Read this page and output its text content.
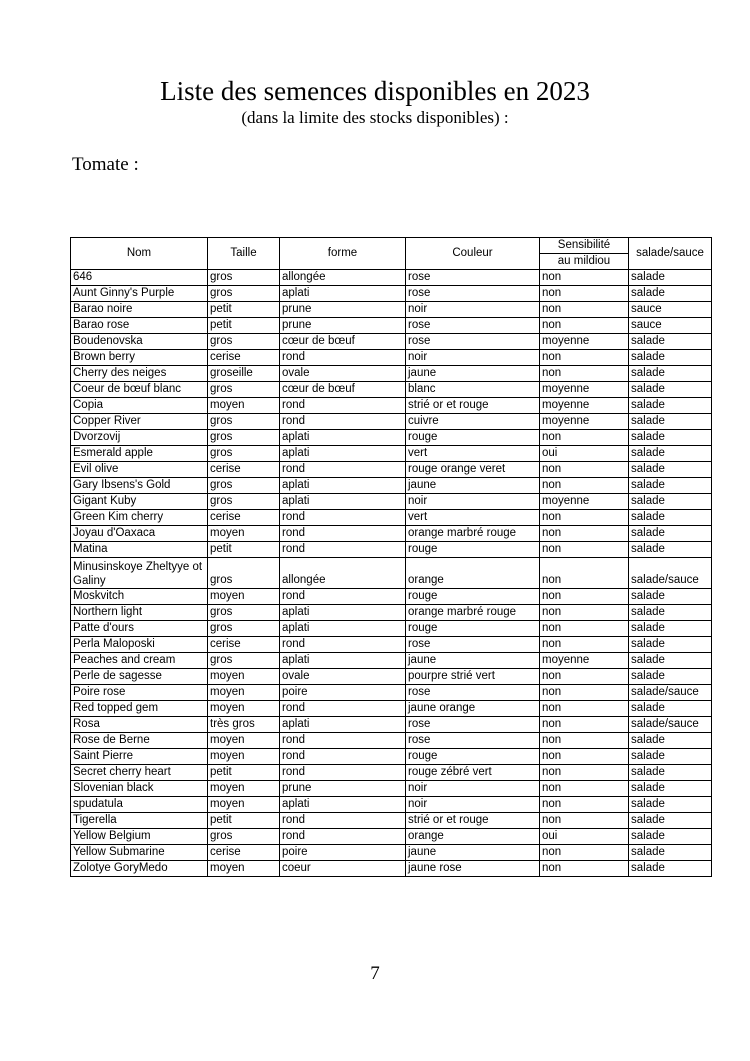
Liste des semences disponibles en 2023
(dans la limite des stocks disponibles) :
Tomate :
Nom	Taille	forme	Couleur	Sensibilité	salade/sauce
				au mildiou	
646	gros	allongée	rose	non	salade
Aunt Ginny's Purple	gros	aplati	rose	non	salade
Barao noire	petit	prune	noir	non	sauce
Barao rose	petit	prune	rose	non	sauce
Boudenovska	gros	cœur de bœuf	rose	moyenne	salade
Brown berry	cerise	rond	noir	non	salade
Cherry des neiges	groseille	ovale	jaune	non	salade
Coeur de bœuf blanc	gros	cœur de bœuf	blanc	moyenne	salade
Copia	moyen	rond	strié or et rouge	moyenne	salade
Copper River	gros	rond	cuivre	moyenne	salade
Dvorzovij	gros	aplati	rouge	non	salade
Esmerald apple	gros	aplati	vert	oui	salade
Evil olive	cerise	rond	rouge orange veret	non	salade
Gary Ibsens's Gold	gros	aplati	jaune	non	salade
Gigant Kuby	gros	aplati	noir	moyenne	salade
Green Kim cherry	cerise	rond	vert	non	salade
Joyau d'Oaxaca	moyen	rond	orange marbré rouge	non	salade
Matina	petit	rond	rouge	non	salade
Minusinskoye Zheltyye ot Galiny	gros	allongée	orange	non	salade/sauce
Moskvitch	moyen	rond	rouge	non	salade
Northern light	gros	aplati	orange marbré rouge	non	salade
Patte d'ours	gros	aplati	rouge	non	salade
Perla Maloposki	cerise	rond	rose	non	salade
Peaches and cream	gros	aplati	jaune	moyenne	salade
Perle de sagesse	moyen	ovale	pourpre strié vert	non	salade
Poire rose	moyen	poire	rose	non	salade/sauce
Red topped gem	moyen	rond	jaune orange	non	salade
Rosa	très gros	aplati	rose	non	salade/sauce
Rose de Berne	moyen	rond	rose	non	salade
Saint Pierre	moyen	rond	rouge	non	salade
Secret cherry heart	petit	rond	rouge zébré vert	non	salade
Slovenian black	moyen	prune	noir	non	salade
spudatula	moyen	aplati	noir	non	salade
Tigerella	petit	rond	strié or et rouge	non	salade
Yellow Belgium	gros	rond	orange	oui	salade
Yellow Submarine	cerise	poire	jaune	non	salade
Zolotye GoryMedo	moyen	coeur	jaune rose	non	salade
7
